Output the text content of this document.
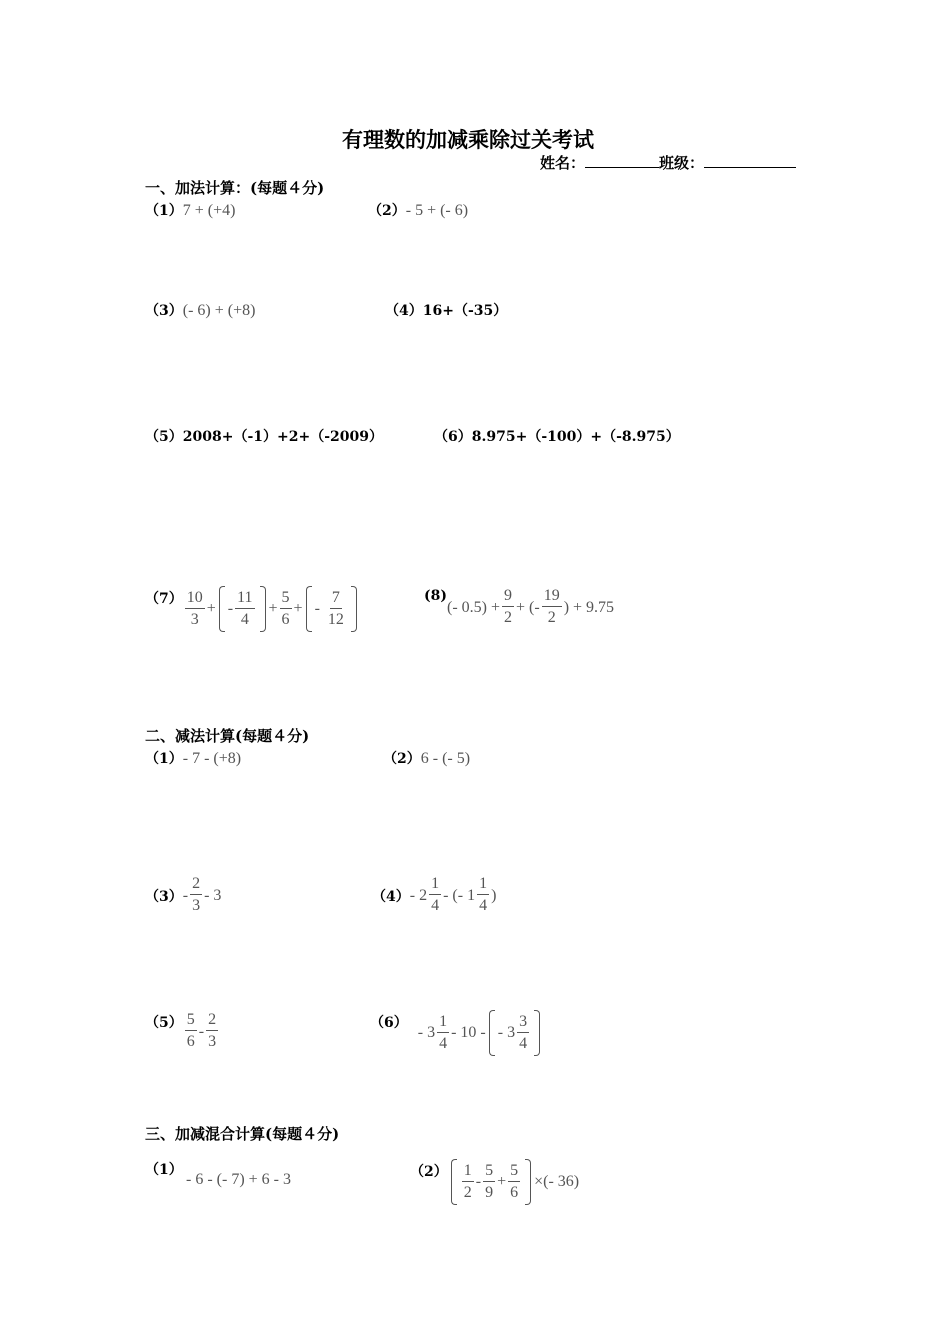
有理数的加减乘除过关考试
姓名：	班级：
一、加法计算：(每题４分)
（1）7 + (+4)	（2）- 5 + (- 6)
（3）(- 6) + (+8)	（4）16+（-35）
（5）2008+（-1）+2+（-2009）	（6）8.975+（-100）+（-8.975）
$(7) \frac{10}{3}$ + - $\frac{11}{4} + \frac{5}{6}$ + - $\frac{7}{12}$	(8)
(- $0.5) + \frac{9}{2}$ + (- $\frac{19}{2}$ ) + 9.75
二、减法计算(每题４分)
（1）- 7 - (+8)	（2）6 - (- 5)
$(3) - \frac{2}{3} - 3$	$(4) - 2 \frac{1}{4}$ - (- $1 \frac{1}{4}$ )
$(5) \frac{5}{6} - \frac{2}{3}$	（6）
- $3 \frac{1}{4} - 10$ - - $3 \frac{3}{4}$
三、加减混合计算(每题４分)
（1）
- 6 - (- 7) + 6 - 3	$(2) \frac{1}{2} - \frac{5}{9} + \frac{5}{6}$ ×(- 36)
